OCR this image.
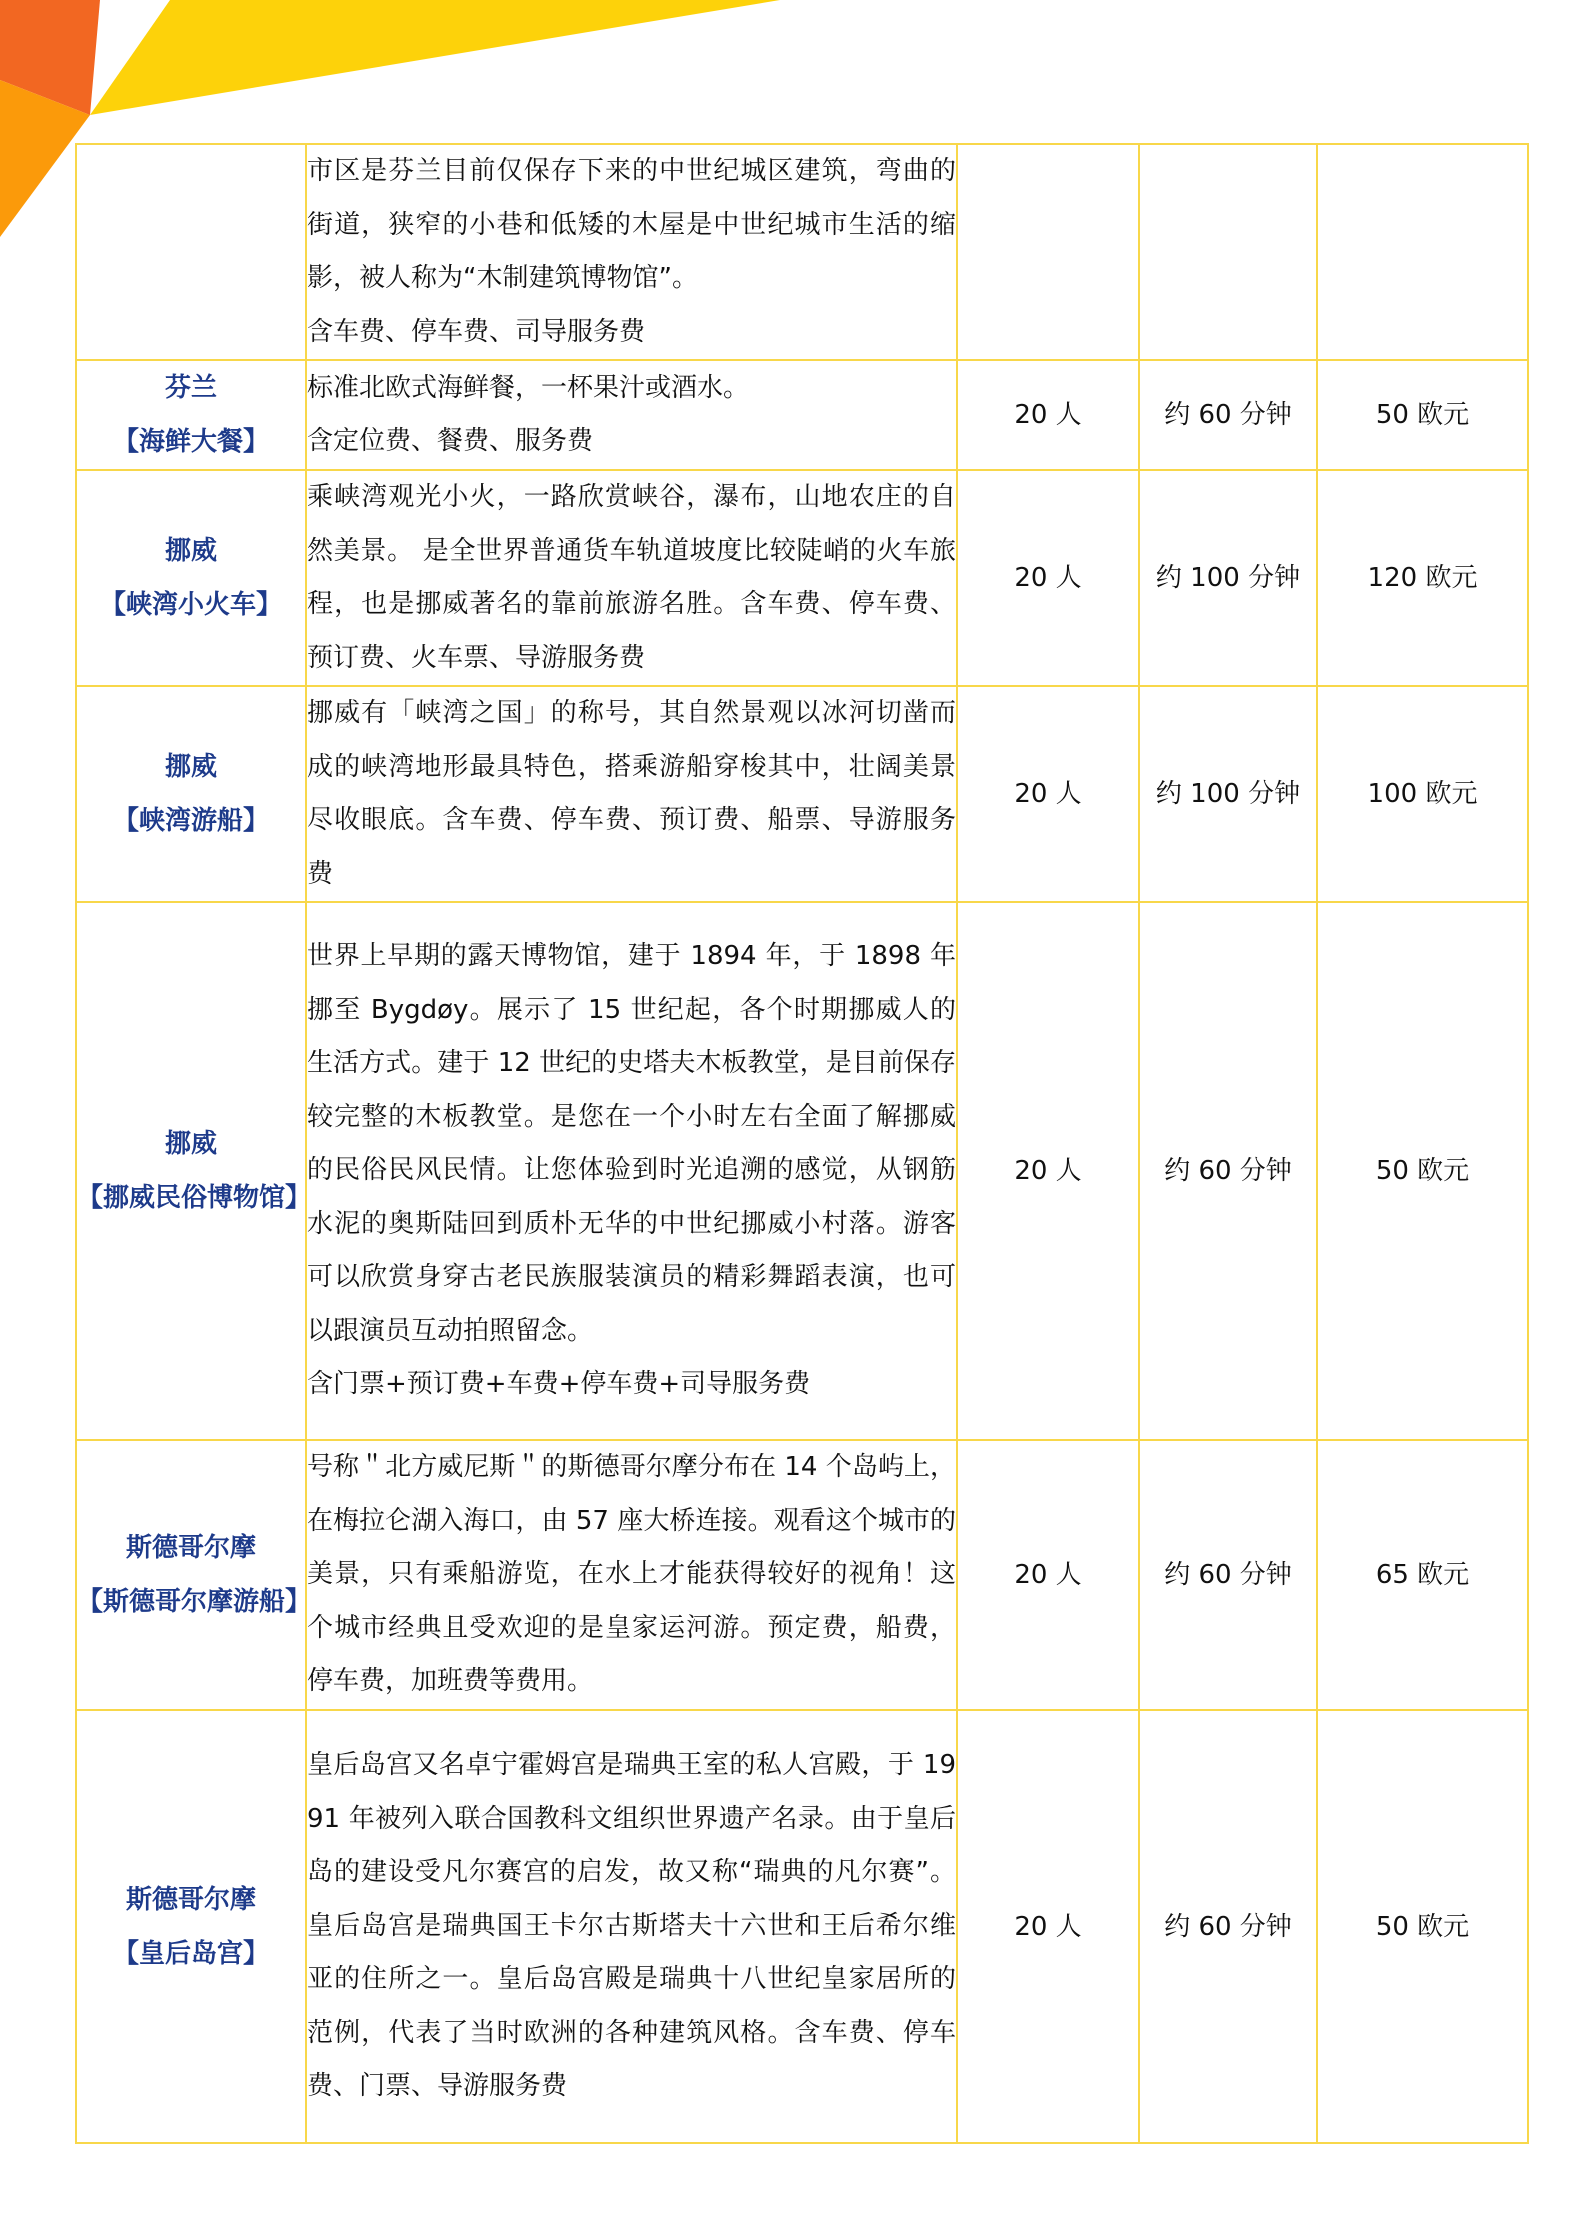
	市区是芬兰目前仅保存下来的中世纪城区建筑，弯曲的街道，狭窄的小巷和低矮的木屋是中世纪城市生活的缩影，被人称为“木制建筑博物馆”。
含车费、停车费、司导服务费			

芬兰
【海鲜大餐】	标准北欧式海鲜餐，一杯果汁或酒水。
含定位费、餐费、服务费	20 人	约 60 分钟	50 欧元

挪威
【峡湾小火车】	乘峡湾观光小火，一路欣赏峡谷，瀑布，山地农庄的自然美景。 是全世界普通货车轨道坡度比较陡峭的火车旅程，也是挪威著名的靠前旅游名胜。含车费、停车费、预订费、火车票、导游服务费	20 人	约 100 分钟	120 欧元

挪威
【峡湾游船】	挪威有「峡湾之国」的称号，其自然景观以冰河切凿而成的峡湾地形最具特色，搭乘游船穿梭其中，壮阔美景尽收眼底。含车费、停车费、预订费、船票、导游服务费	20 人	约 100 分钟	100 欧元

挪威
【挪威民俗博物馆】	世界上早期的露天博物馆，建于 1894 年，于 1898 年挪至 Bygdøy。展示了 15 世纪起，各个时期挪威人的生活方式。建于 12 世纪的史塔夫木板教堂，是目前保存较完整的木板教堂。是您在一个小时左右全面了解挪威的民俗民风民情。让您体验到时光追溯的感觉，从钢筋水泥的奥斯陆回到质朴无华的中世纪挪威小村落。游客可以欣赏身穿古老民族服装演员的精彩舞蹈表演，也可以跟演员互动拍照留念。
含门票+预订费+车费+停车费+司导服务费	20 人	约 60 分钟	50 欧元

斯德哥尔摩
【斯德哥尔摩游船】	号称＂北方威尼斯＂的斯德哥尔摩分布在 14 个岛屿上，在梅拉仑湖入海口，由 57 座大桥连接。观看这个城市的美景，只有乘船游览，在水上才能获得较好的视角！这个城市经典且受欢迎的是皇家运河游。预定费，船费，停车费，加班费等费用。	20 人	约 60 分钟	65 欧元

斯德哥尔摩
【皇后岛宫】	皇后岛宫又名卓宁霍姆宫是瑞典王室的私人宫殿，于 1991 年被列入联合国教科文组织世界遗产名录。由于皇后岛的建设受凡尔赛宫的启发，故又称“瑞典的凡尔赛”。皇后岛宫是瑞典国王卡尔古斯塔夫十六世和王后希尔维亚的住所之一。皇后岛宫殿是瑞典十八世纪皇家居所的范例，代表了当时欧洲的各种建筑风格。含车费、停车费、门票、导游服务费	20 人	约 60 分钟	50 欧元
